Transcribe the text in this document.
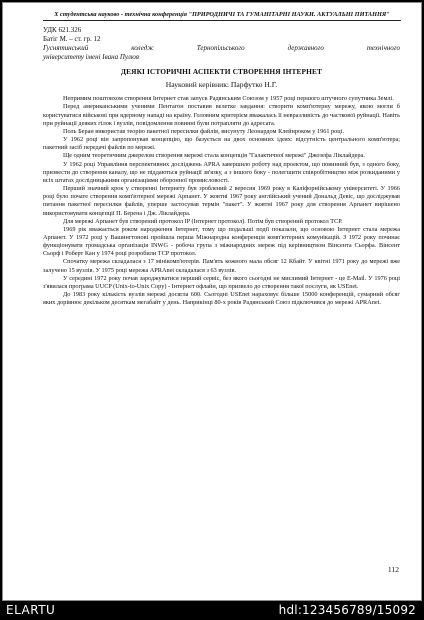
X студентська науково - технічна конференція "ПРИРОДНИЧІ ТА ГУМАНІТАРНІ НАУКИ. АКТУАЛЬНІ ПИТАННЯ"
УДК 621.326
Батіг М. – ст. гр. 12
Гуснятинський коледж Тернопільського державного технічного
університету імені Івана Пулюя
ДЕЯКІ ІСТОРИЧНІ АСПЕКТИ СТВОРЕННЯ ІНТЕРНЕТ
Науковий керівник: Парфутко Н.Г.

Непримим поштовхом створення Інтернет став запуск Радянським Союзом у 1957 році першого штучного супутника Землі.

Перед американськими ученими Пентагон поставив велетке завдання: створити комп'ютерну мережу, якою могли б користуватися військові при ядерному нападі на країну. Головним критерієм вважалась її невразливість до часткової руйнації. Навіть при руйнації деяких гілок і вузлів, повідомлення повинні були потрапляти до адресата.

Поль Беран використав теорію пакетної пересилки файлів, висунуту Леонардом Клейнроком у 1961 році.

У 1962 році він запропонував концепцію, що базується на двох основних ідеях: відсутність центрального комп'ютера; пакетний засіб передачі файлів по мережі.

Ще одним теоретичним джерелом створення мережі стала концепція "Галактичної мережі" Джозефа Ліклайдера.

У 1962 році Управління перспективних досліджень APRA завершило роботу над проектом, що повинний був, з одного боку, призвести до створення каналу, що не піддаються руйнації зв'язку, а з іншого боку - полегшити співробітництво між розкиданими у всіх штатах дослідницькими організаціями оборонної промисловості.

Перший значний крок у створенні Інтернету був зроблений 2 вересня 1969 року в Каліфорнійському університеті. У 1966 році було почате створення комп'ютерної мережі Арпанет. У жовтні 1967 року англійський учений Дональд Девіс, що досліджував питання пакетної пересилки файлів, уперше застосував термін "пакет". У жовтні 1967 року для створення Арпанет вирішено використовувати концепції П. Берена і Дж. Ліклайдера.

Для мережі Арпанет був створений протокол IP (Інтернет протокол). Потім був створений протокол TCP.

1969 рік вважається роком народження Інтернет, тому що подальші події показали, що основою Інтернет стала мережа Арпанет. У 1972 році у Вашингтонові пройшла перша Міжнародна конференція комп'ютерних комунікацій. З 1972 року починає функціонувати громадська організація INWG - робоча група з міжнародних мереж під керівництвом Вінсента Сьорфа. Вінсент Сьорф і Роберт Кан у 1974 році розробили TCP протокол.

Спочатку мережа складалася з 17 мінікомп'ютерів. Пам'ять кожного мала обсяг 12 Кбайт. У квітні 1971 року до мережі вже залучено 15 вузлів. У 1975 році мережа APRAnet складалася з 63 вузлів.

У середині 1972 року почав зароджуватися перший сервіс, без якого сьогодні не мислимий Інтернет - це E-Mail. У 1976 році з'явилася програма UUCP (Unix-to-Unix Copy) - Інтернет офлайн, що призвело до створення такої послуги, як USEnet.

До 1983 року кількість вузлів мережі досягла 600. Сьогодні USEnet нараховує більше 15000 конференцій, сумарний обсяг яких дорівнює декільком десяткам мегабайт у день. Наприкінці 80-х років Радянський Союз підключився до мережі APRAnet.

112
ELARTU	hdl:123456789/15092
